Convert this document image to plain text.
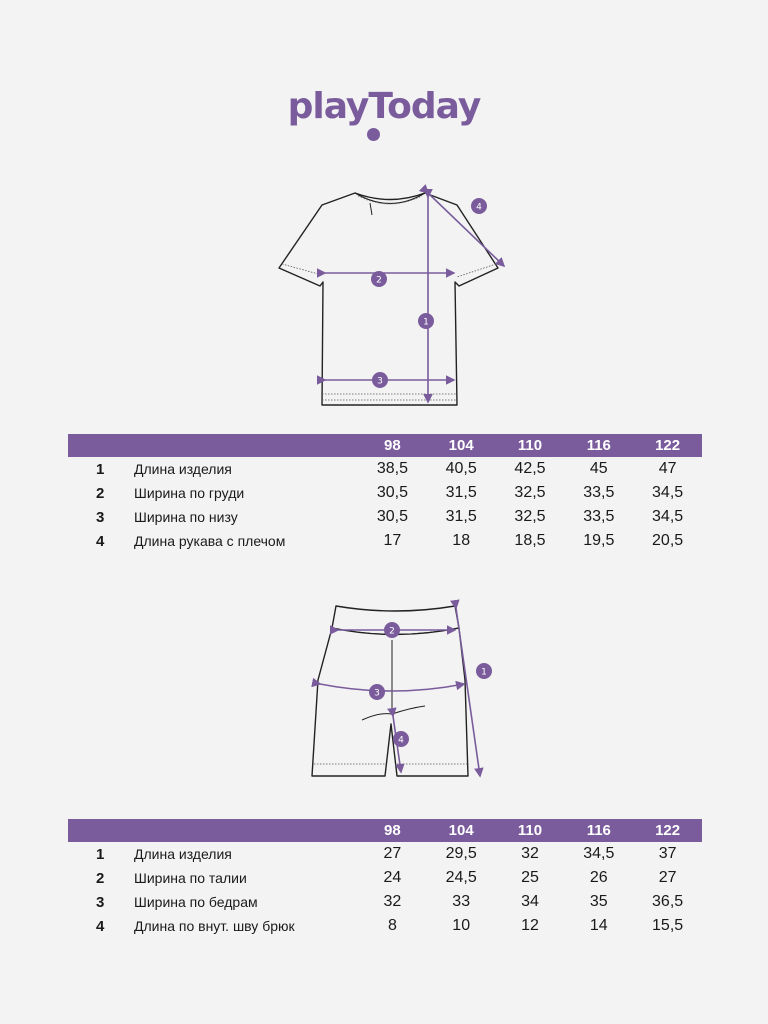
playToday
1
2
3
4
		98	104	110	116	122
1	Длина изделия	38,5	40,5	42,5	45	47
2	Ширина по груди	30,5	31,5	32,5	33,5	34,5
3	Ширина по низу	30,5	31,5	32,5	33,5	34,5
4	Длина рукава с плечом	17	18	18,5	19,5	20,5
1
2
3
4
		98	104	110	116	122
1	Длина изделия	27	29,5	32	34,5	37
2	Ширина по талии	24	24,5	25	26	27
3	Ширина по бедрам	32	33	34	35	36,5
4	Длина по внут. шву брюк	8	10	12	14	15,5
